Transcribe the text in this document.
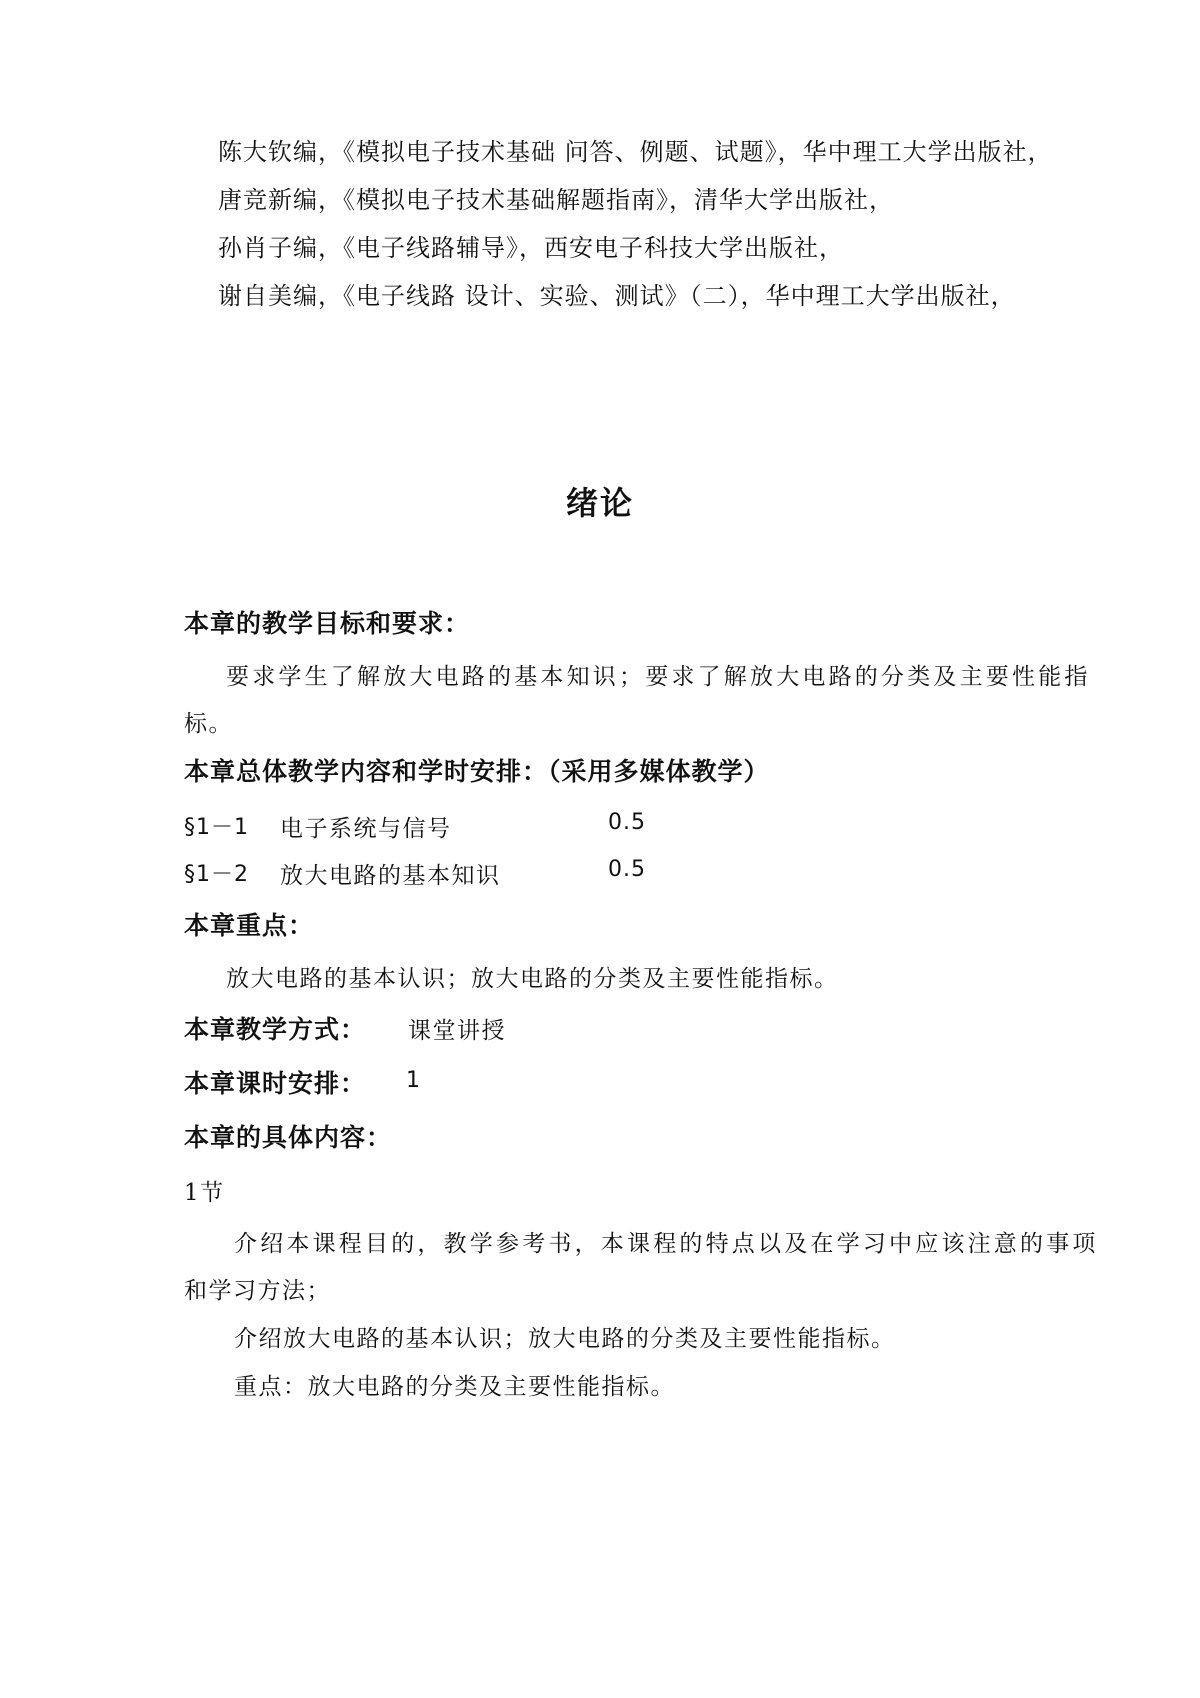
陈大钦编，《模拟电子技术基础 问答、例题、试题》，华中理工大学出版社，
唐竞新编，《模拟电子技术基础解题指南》，清华大学出版社，
孙肖子编，《电子线路辅导》，西安电子科技大学出版社，
谢自美编，《电子线路 设计、实验、测试》（二），华中理工大学出版社，
绪论
本章的教学目标和要求：
要求学生了解放大电路的基本知识；要求了解放大电路的分类及主要性能指
标。
本章总体教学内容和学时安排：（采用多媒体教学）
§1－1 电子系统与信号	0.5
§1－2 放大电路的基本知识	0.5
本章重点：
放大电路的基本认识；放大电路的分类及主要性能指标。
本章教学方式： 课堂讲授
本章课时安排： 1
本章的具体内容：
1节
介绍本课程目的，教学参考书，本课程的特点以及在学习中应该注意的事项
和学习方法；
介绍放大电路的基本认识；放大电路的分类及主要性能指标。
重点：放大电路的分类及主要性能指标。
